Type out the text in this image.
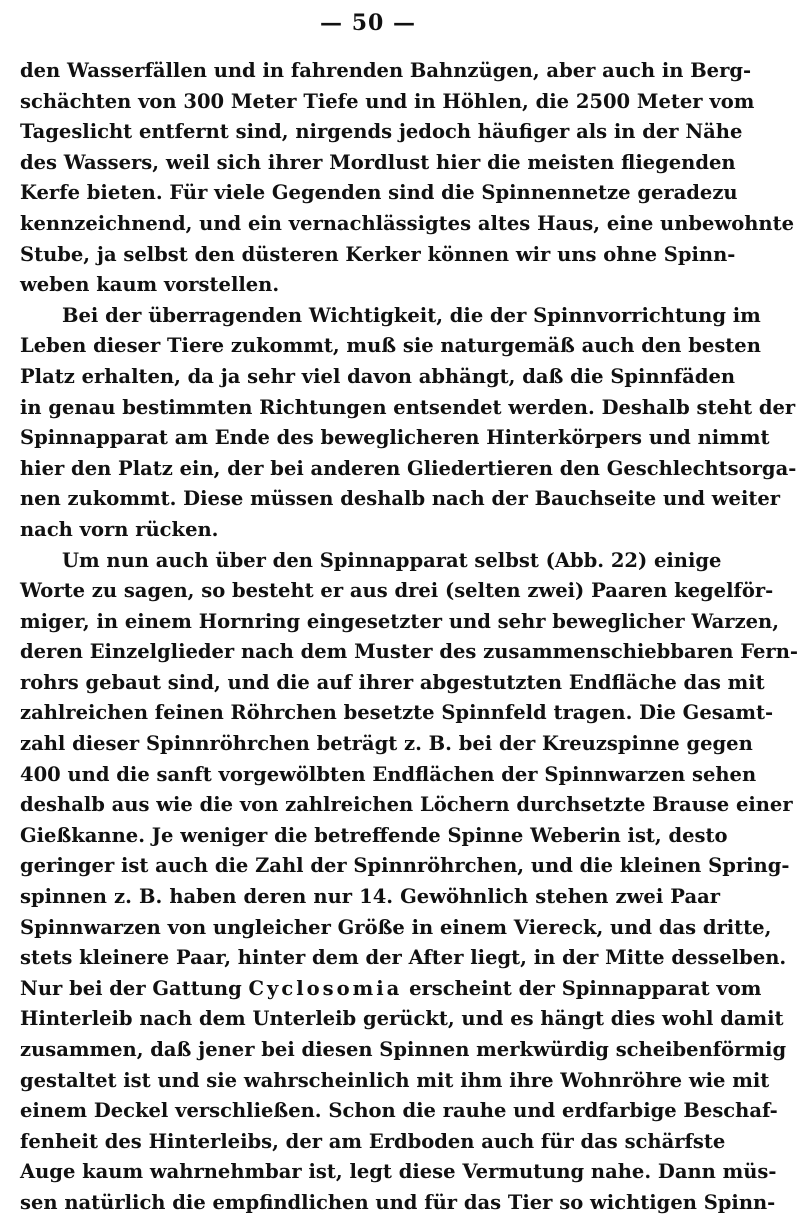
— 50 —
den Wasserfällen und in fahrenden Bahnzügen, aber auch in Berg-
schächten von 300 Meter Tiefe und in Höhlen, die 2500 Meter vom
Tageslicht entfernt sind, nirgends jedoch häufiger als in der Nähe
des Wassers, weil sich ihrer Mordlust hier die meisten fliegenden
Kerfe bieten. Für viele Gegenden sind die Spinnennetze geradezu
kennzeichnend, und ein vernachlässigtes altes Haus, eine unbewohnte
Stube, ja selbst den düsteren Kerker können wir uns ohne Spinn-
weben kaum vorstellen.
Bei der überragenden Wichtigkeit, die der Spinnvorrichtung im
Leben dieser Tiere zukommt, muß sie naturgemäß auch den besten
Platz erhalten, da ja sehr viel davon abhängt, daß die Spinnfäden
in genau bestimmten Richtungen entsendet werden. Deshalb steht der
Spinnapparat am Ende des beweglicheren Hinterkörpers und nimmt
hier den Platz ein, der bei anderen Gliedertieren den Geschlechtsorga-
nen zukommt. Diese müssen deshalb nach der Bauchseite und weiter
nach vorn rücken.
Um nun auch über den Spinnapparat selbst (Abb. 22) einige
Worte zu sagen, so besteht er aus drei (selten zwei) Paaren kegelför-
miger, in einem Hornring eingesetzter und sehr beweglicher Warzen,
deren Einzelglieder nach dem Muster des zusammenschiebbaren Fern-
rohrs gebaut sind, und die auf ihrer abgestutzten Endfläche das mit
zahlreichen feinen Röhrchen besetzte Spinnfeld tragen. Die Gesamt-
zahl dieser Spinnröhrchen beträgt z. B. bei der Kreuzspinne gegen
400 und die sanft vorgewölbten Endflächen der Spinnwarzen sehen
deshalb aus wie die von zahlreichen Löchern durchsetzte Brause einer
Gießkanne. Je weniger die betreffende Spinne Weberin ist, desto
geringer ist auch die Zahl der Spinnröhrchen, und die kleinen Spring-
spinnen z. B. haben deren nur 14. Gewöhnlich stehen zwei Paar
Spinnwarzen von ungleicher Größe in einem Viereck, und das dritte,
stets kleinere Paar, hinter dem der After liegt, in der Mitte desselben.
Nur bei der Gattung Cyclosomia erscheint der Spinnapparat vom
Hinterleib nach dem Unterleib gerückt, und es hängt dies wohl damit
zusammen, daß jener bei diesen Spinnen merkwürdig scheibenförmig
gestaltet ist und sie wahrscheinlich mit ihm ihre Wohnröhre wie mit
einem Deckel verschließen. Schon die rauhe und erdfarbige Beschaf-
fenheit des Hinterleibs, der am Erdboden auch für das schärfste
Auge kaum wahrnehmbar ist, legt diese Vermutung nahe. Dann müs-
sen natürlich die empfindlichen und für das Tier so wichtigen Spinn-
